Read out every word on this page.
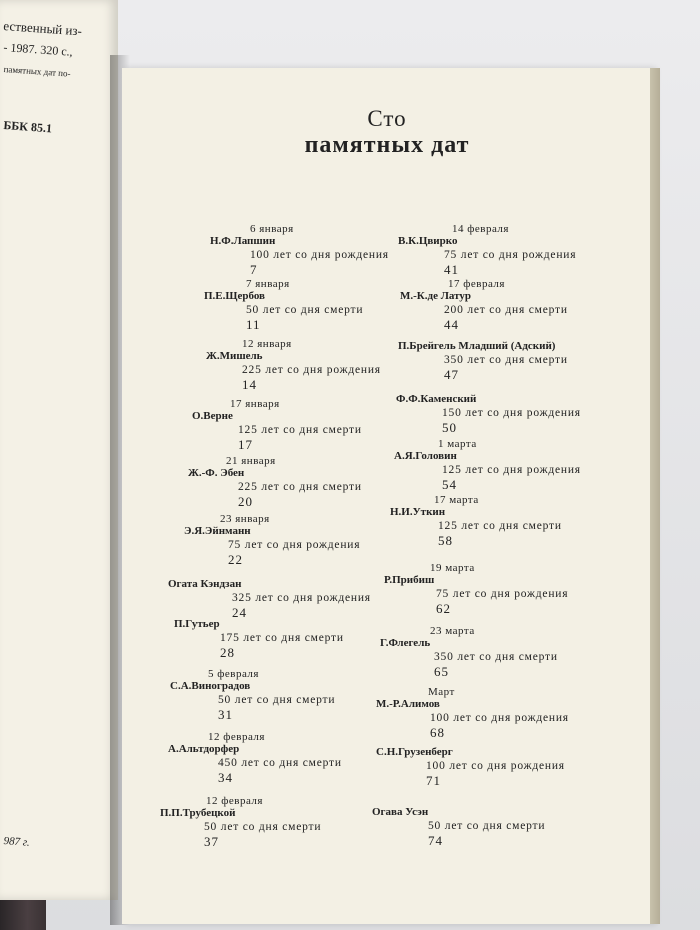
ественный из-
- 1987. 320 с.,
памятных дат по-
ББК 85.1
987 г.
Сто
памятных дат
6 января
Н.Ф.Лапшин
100 лет со дня рождения
7
7 января
П.Е.Щербов
50 лет со дня смерти
11
12 января
Ж.Мишель
225 лет со дня рождения
14
17 января
О.Верне
125 лет со дня смерти
17
21 января
Ж.-Ф. Эбен
225 лет со дня смерти
20
23 января
Э.Я.Эйнманн
75 лет со дня рождения
22
Огата Кэндзан
325 лет со дня рождения
24
П.Гутьер
175 лет со дня смерти
28
5 февраля
С.А.Виноградов
50 лет со дня смерти
31
12 февраля
А.Альтдорфер
450 лет со дня смерти
34
12 февраля
П.П.Трубецкой
50 лет со дня смерти
37
14 февраля
В.К.Цвирко
75 лет со дня рождения
41
17 февраля
М.-К.де Латур
200 лет со дня смерти
44
П.Брейгель Младший (Адский)
350 лет со дня смерти
47
Ф.Ф.Каменский
150 лет со дня рождения
50
1 марта
А.Я.Головин
125 лет со дня рождения
54
17 марта
Н.И.Уткин
125 лет со дня смерти
58
19 марта
Р.Прибиш
75 лет со дня рождения
62
23 марта
Г.Флегель
350 лет со дня смерти
65
Март
М.-Р.Алимов
100 лет со дня рождения
68
С.Н.Грузенберг
100 лет со дня рождения
71
Огава Усэн
50 лет со дня смерти
74
